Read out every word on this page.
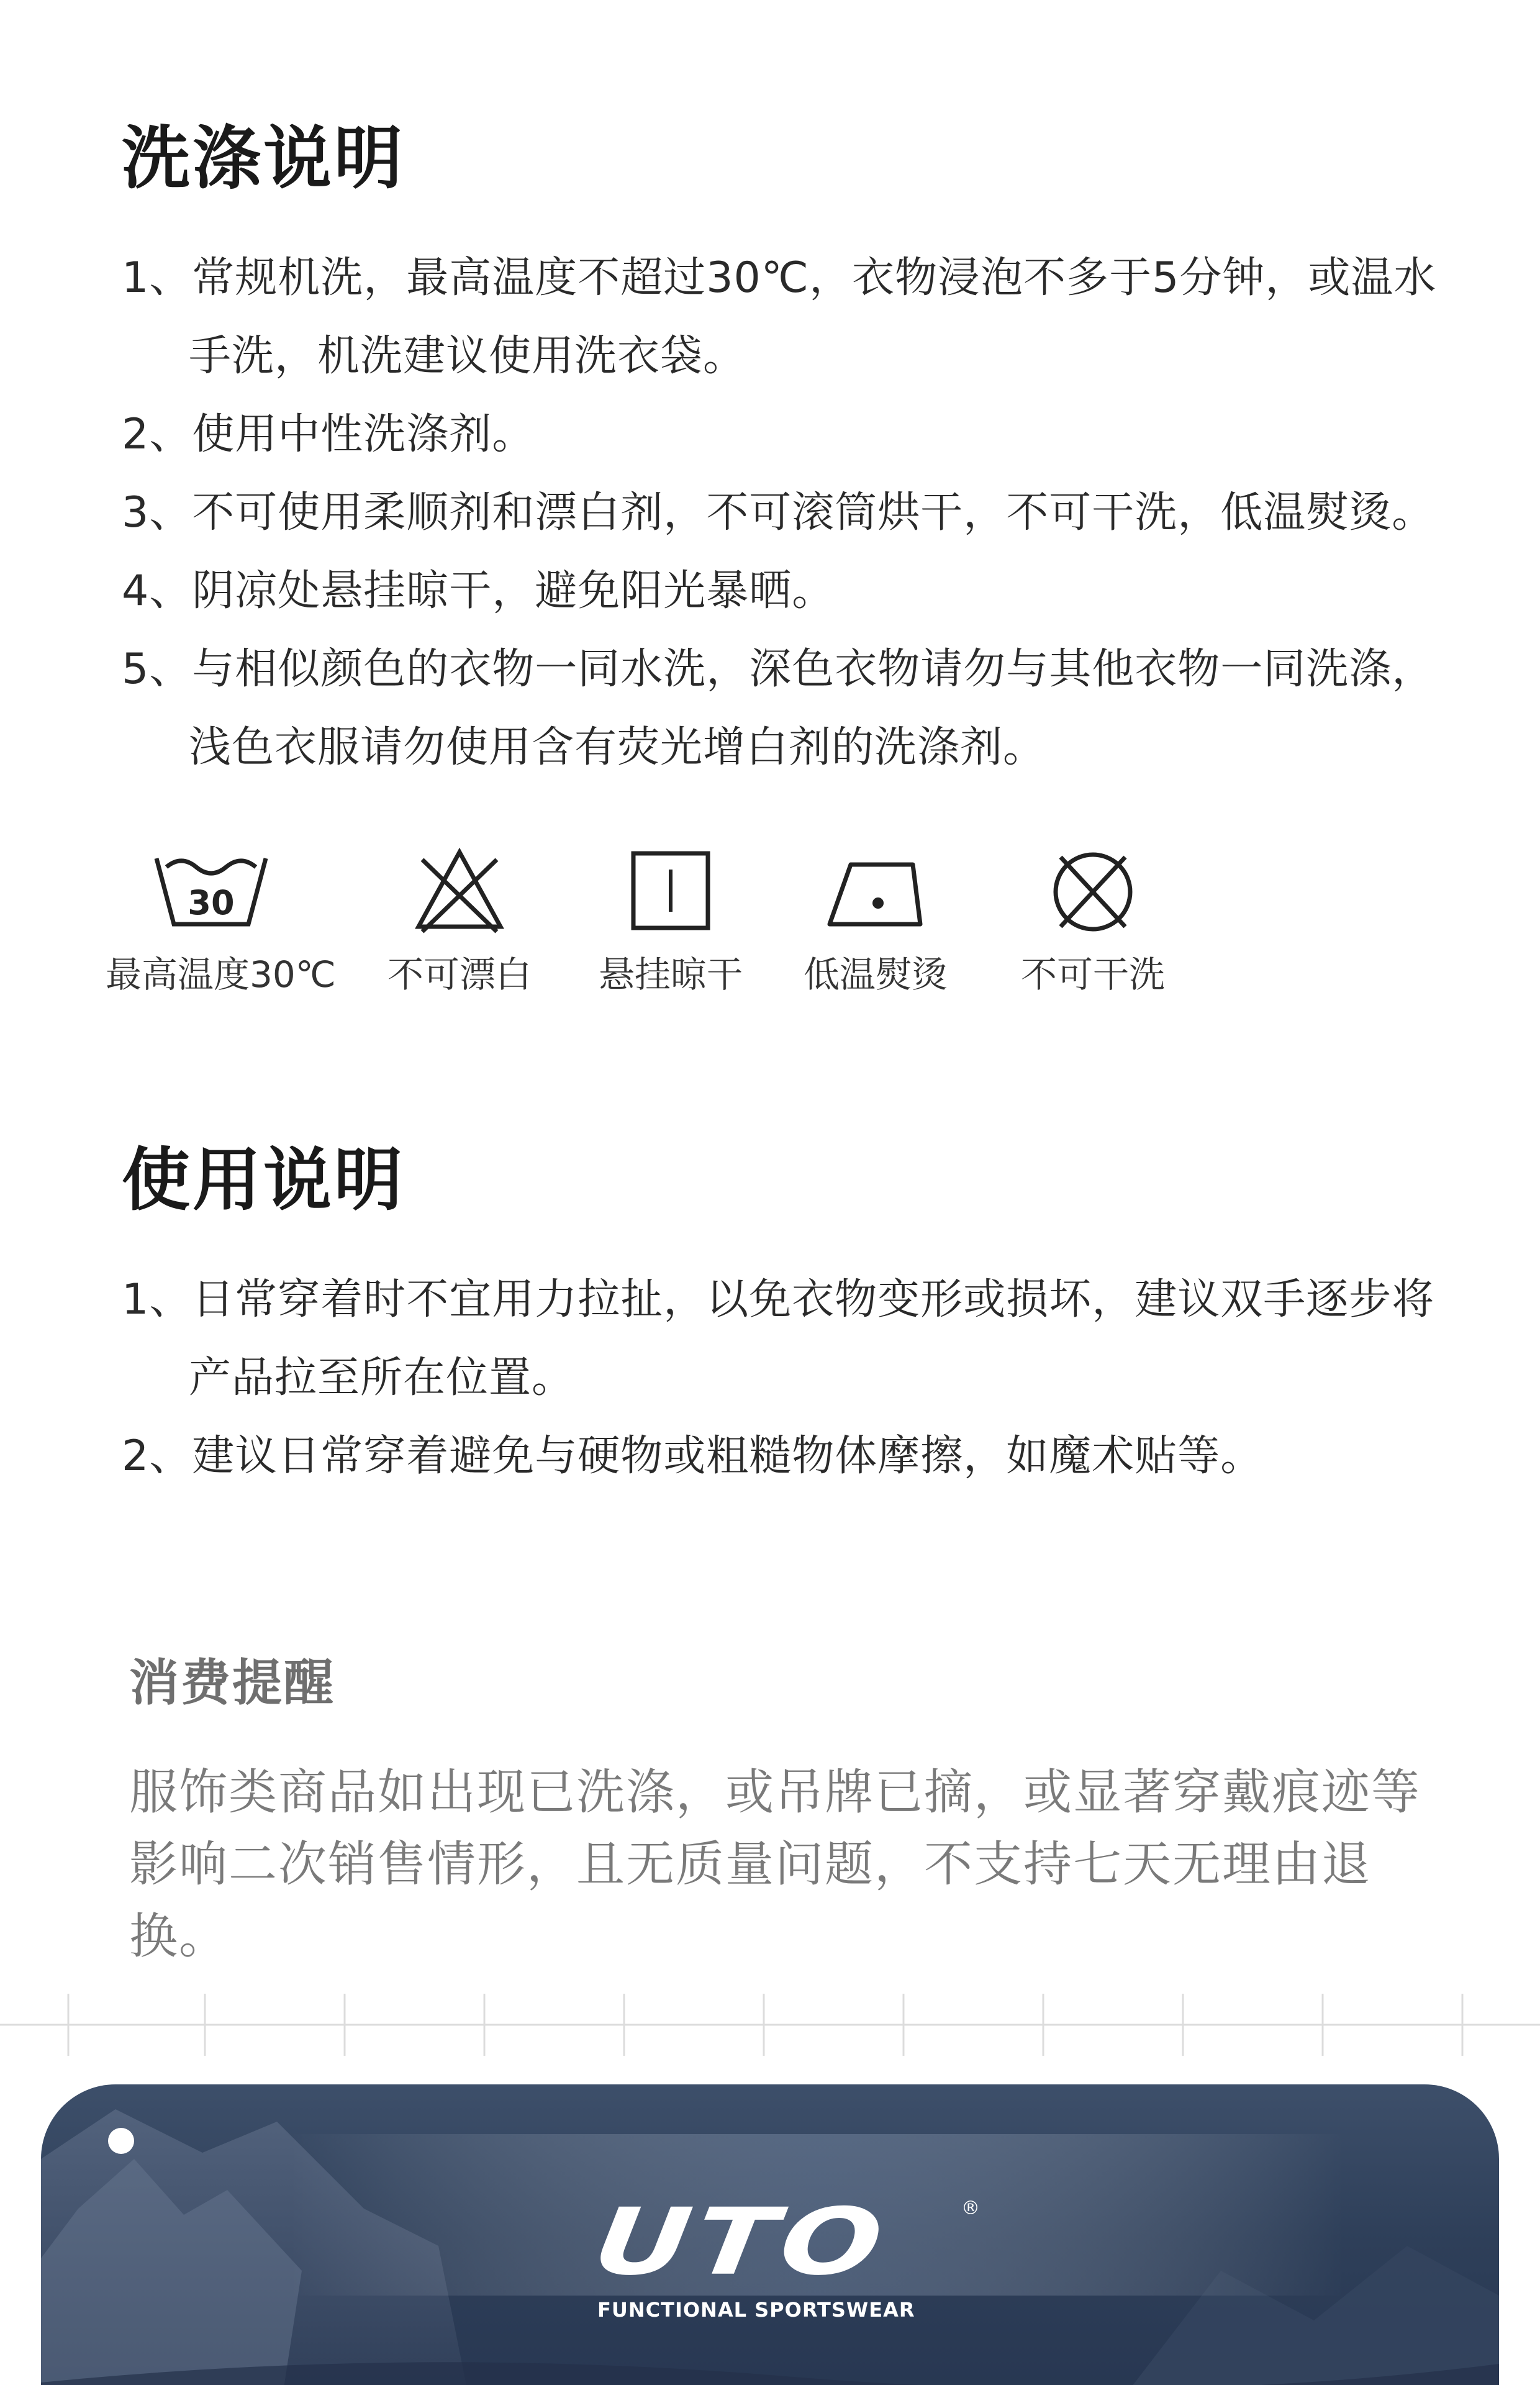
洗涤说明
1、常规机洗，最高温度不超过30℃，衣物浸泡不多于5分钟，或温水手洗，机洗建议使用洗衣袋。
2、使用中性洗涤剂。
3、不可使用柔顺剂和漂白剂，不可滚筒烘干，不可干洗，低温熨烫。
4、阴凉处悬挂晾干，避免阳光暴晒。
5、与相似颜色的衣物一同水洗，深色衣物请勿与其他衣物一同洗涤，浅色衣服请勿使用含有荧光增白剂的洗涤剂。
30
最高温度30℃	不可漂白	悬挂晾干	低温熨烫	不可干洗
使用说明
1、日常穿着时不宜用力拉扯，以免衣物变形或损坏，建议双手逐步将产品拉至所在位置。
2、建议日常穿着避免与硬物或粗糙物体摩擦，如魔术贴等。
消费提醒

服饰类商品如出现已洗涤，或吊牌已摘，或显著穿戴痕迹等影响二次销售情形，且无质量问题，不支持七天无理由退换。

UTO	®
FUNCTIONAL SPORTSWEAR
